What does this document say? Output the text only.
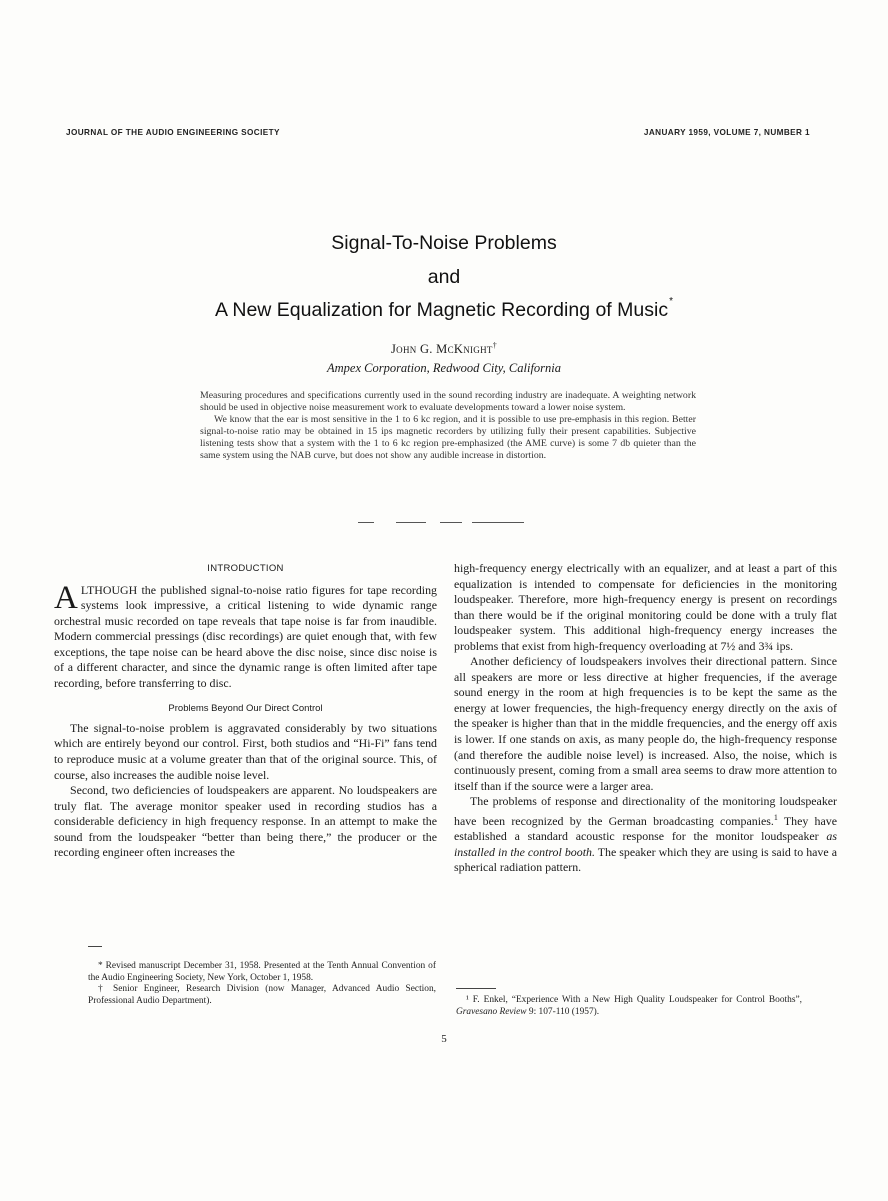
JOURNAL OF THE AUDIO ENGINEERING SOCIETY	JANUARY 1959, VOLUME 7, NUMBER 1
Signal-To-Noise Problems
and
A New Equalization for Magnetic Recording of Music*
John G. McKnight†
Ampex Corporation, Redwood City, California

Measuring procedures and specifications currently used in the sound recording industry are inadequate. A weighting network should be used in objective noise measurement work to evaluate developments toward a lower noise system.

We know that the ear is most sensitive in the 1 to 6 kc region, and it is possible to use pre-emphasis in this region. Better signal-to-noise ratio may be obtained in 15 ips magnetic recorders by utilizing fully their present capabilities. Subjective listening tests show that a system with the 1 to 6 kc region pre-emphasized (the AME curve) is some 7 db quieter than the same system using the NAB curve, but does not show any audible increase in distortion.

INTRODUCTION

ALTHOUGH the published signal-to-noise ratio figures for tape recording systems look impressive, a critical listening to wide dynamic range orchestral music recorded on tape reveals that tape noise is far from inaudible. Modern commercial pressings (disc recordings) are quiet enough that, with few exceptions, the tape noise can be heard above the disc noise, since disc noise is of a different character, and since the dynamic range is often limited after tape recording, before transferring to disc.

Problems Beyond Our Direct Control

The signal-to-noise problem is aggravated considerably by two situations which are entirely beyond our control. First, both studios and “Hi-Fi” fans tend to reproduce music at a volume greater than that of the original source. This, of course, also increases the audible noise level.

Second, two deficiencies of loudspeakers are apparent. No loudspeakers are truly flat. The average monitor speaker used in recording studios has a considerable deficiency in high frequency response. In an attempt to make the sound from the loudspeaker “better than being there,” the producer or the recording engineer often increases the

high-frequency energy electrically with an equalizer, and at least a part of this equalization is intended to compensate for deficiencies in the monitoring loudspeaker. Therefore, more high-frequency energy is present on recordings than there would be if the original monitoring could be done with a truly flat loudspeaker system. This additional high-frequency energy increases the problems that exist from high-frequency overloading at 7½ and 3¾ ips.

Another deficiency of loudspeakers involves their directional pattern. Since all speakers are more or less directive at higher frequencies, if the average sound energy in the room at high frequencies is to be kept the same as the energy at lower frequencies, the high-frequency energy directly on the axis of the speaker is higher than that in the middle frequencies, and the energy off axis is lower. If one stands on axis, as many people do, the high-frequency response (and therefore the audible noise level) is increased. Also, the noise, which is continuously present, coming from a small area seems to draw more attention to itself than if the source were a larger area.

The problems of response and directionality of the monitoring loudspeaker have been recognized by the German broadcasting companies.$^1$ They have established a standard acoustic response for the monitor loudspeaker as installed in the control booth. The speaker which they are using is said to have a spherical radiation pattern.

* Revised manuscript December 31, 1958. Presented at the Tenth Annual Convention of the Audio Engineering Society, New York, October 1, 1958.

† Senior Engineer, Research Division (now Manager, Advanced Audio Section, Professional Audio Department).	¹ F. Enkel, “Experience With a New High Quality Loudspeaker for Control Booths”, Gravesano Review 9: 107-110 (1957).

5
